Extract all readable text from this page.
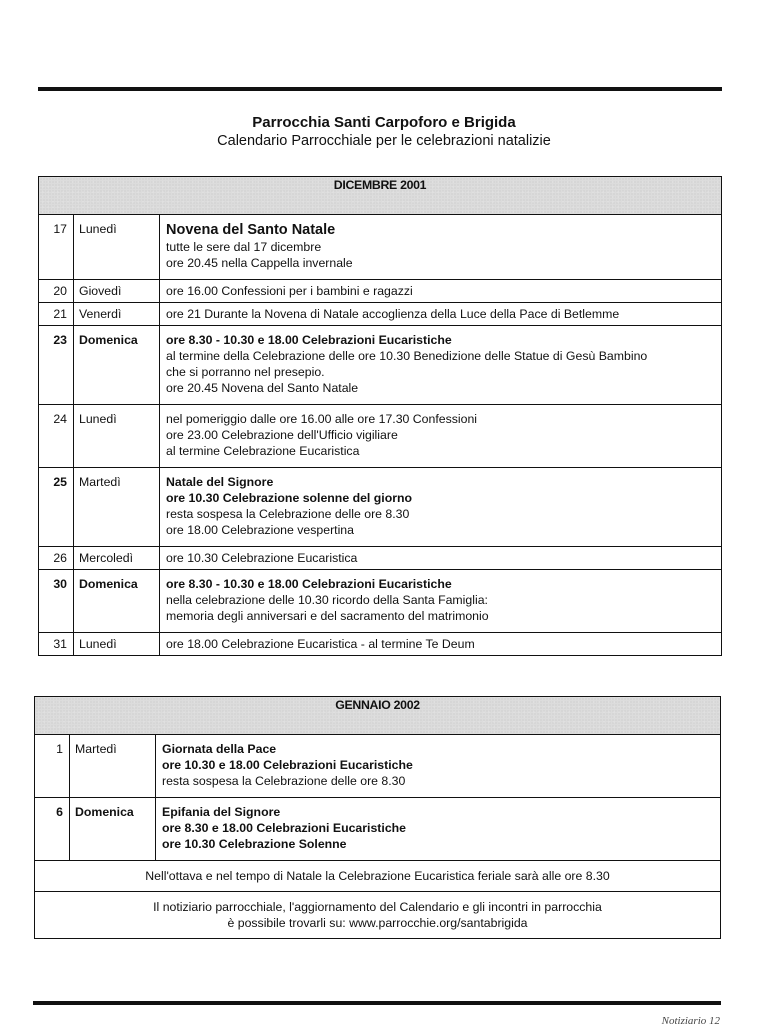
Parrocchia Santi Carpoforo e Brigida
Calendario Parrocchiale per le celebrazioni natalizie
DICEMBRE 2001		
17	Lunedì	Novena del Santo Natale
tutte le sere dal 17 dicembre
ore 20.45 nella Cappella invernale

20	Giovedì	ore 16.00 Confessioni per i bambini e ragazzi

21	Venerdì	ore 21 Durante la Novena di Natale accoglienza della Luce della Pace di Betlemme

23	Domenica	ore 8.30 - 10.30 e 18.00 Celebrazioni Eucaristiche
al termine della Celebrazione delle ore 10.30 Benedizione delle Statue di Gesù Bambino
che si porranno nel presepio.
ore 20.45 Novena del Santo Natale

24	Lunedì	nel pomeriggio dalle ore 16.00 alle ore 17.30 Confessioni
ore 23.00 Celebrazione dell'Ufficio vigiliare
al termine Celebrazione Eucaristica

25	Martedì	Natale del Signore
ore 10.30 Celebrazione solenne del giorno
resta sospesa la Celebrazione delle ore 8.30
ore 18.00 Celebrazione vespertina

26	Mercoledì	ore 10.30 Celebrazione Eucaristica

30	Domenica	ore 8.30 - 10.30 e 18.00 Celebrazioni Eucaristiche
nella celebrazione delle 10.30 ricordo della Santa Famiglia:
memoria degli anniversari e del sacramento del matrimonio

31	Lunedì	ore 18.00 Celebrazione Eucaristica - al termine Te Deum
GENNAIO 2002		
1	Martedì	Giornata della Pace
ore 10.30 e 18.00 Celebrazioni Eucaristiche
resta sospesa la Celebrazione delle ore 8.30

6	Domenica	Epifania del Signore
ore 8.30 e 18.00 Celebrazioni Eucaristiche
ore 10.30 Celebrazione Solenne

Nell'ottava e nel tempo di Natale la Celebrazione Eucaristica feriale sarà alle ore 8.30		

Il notiziario parrocchiale, l'aggiornamento del Calendario e gli incontri in parrocchia
è possibile trovarli su: www.parrocchie.org/santabrigida		
Notiziario 12
